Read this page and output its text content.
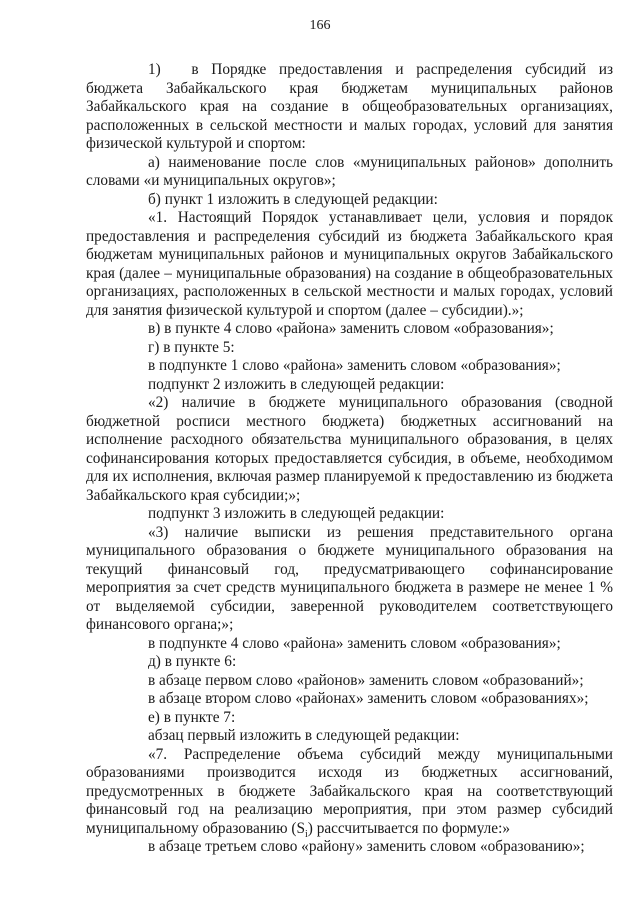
166

1)  в Порядке предоставления и распределения субсидий из бюджета Забайкальского края бюджетам муниципальных районов Забайкальского края на создание в общеобразовательных организациях, расположенных в сельской местности и малых городах, условий для занятия физической культурой и спортом:

а) наименование после слов «муниципальных районов» дополнить словами «и муниципальных округов»;

б) пункт 1 изложить в следующей редакции:

«1. Настоящий Порядок устанавливает цели, условия и порядок предоставления и распределения субсидий из бюджета Забайкальского края бюджетам муниципальных районов и муниципальных округов Забайкальского края (далее – муниципальные образования) на создание в общеобразовательных организациях, расположенных в сельской местности и малых городах, условий для занятия физической культурой и спортом (далее – субсидии).»;

в) в пункте 4 слово «района» заменить словом «образования»;

г) в пункте 5:

в подпункте 1 слово «района» заменить словом «образования»;

подпункт 2 изложить в следующей редакции:

«2) наличие в бюджете муниципального образования (сводной бюджетной росписи местного бюджета) бюджетных ассигнований на исполнение расходного обязательства муниципального образования, в целях софинансирования которых предоставляется субсидия, в объеме, необходимом для их исполнения, включая размер планируемой к предоставлению из бюджета Забайкальского края субсидии;»;

подпункт 3 изложить в следующей редакции:

«3) наличие выписки из решения представительного органа муниципального образования о бюджете муниципального образования на текущий финансовый год, предусматривающего софинансирование мероприятия за счет средств муниципального бюджета в размере не менее 1 % от выделяемой субсидии, заверенной руководителем соответствующего финансового органа;»;

в подпункте 4 слово «района» заменить словом «образования»;

д) в пункте 6:

в абзаце первом слово «районов» заменить словом «образований»;

в абзаце втором слово «районах» заменить словом «образованиях»;

е) в пункте 7:

абзац первый изложить в следующей редакции:

«7. Распределение объема субсидий между муниципальными образованиями производится исходя из бюджетных ассигнований, предусмотренных в бюджете Забайкальского края на соответствующий финансовый год на реализацию мероприятия, при этом размер субсидий муниципальному образованию $(S_i)$ рассчитывается по формуле:»

в абзаце третьем слово «району» заменить словом «образованию»;
